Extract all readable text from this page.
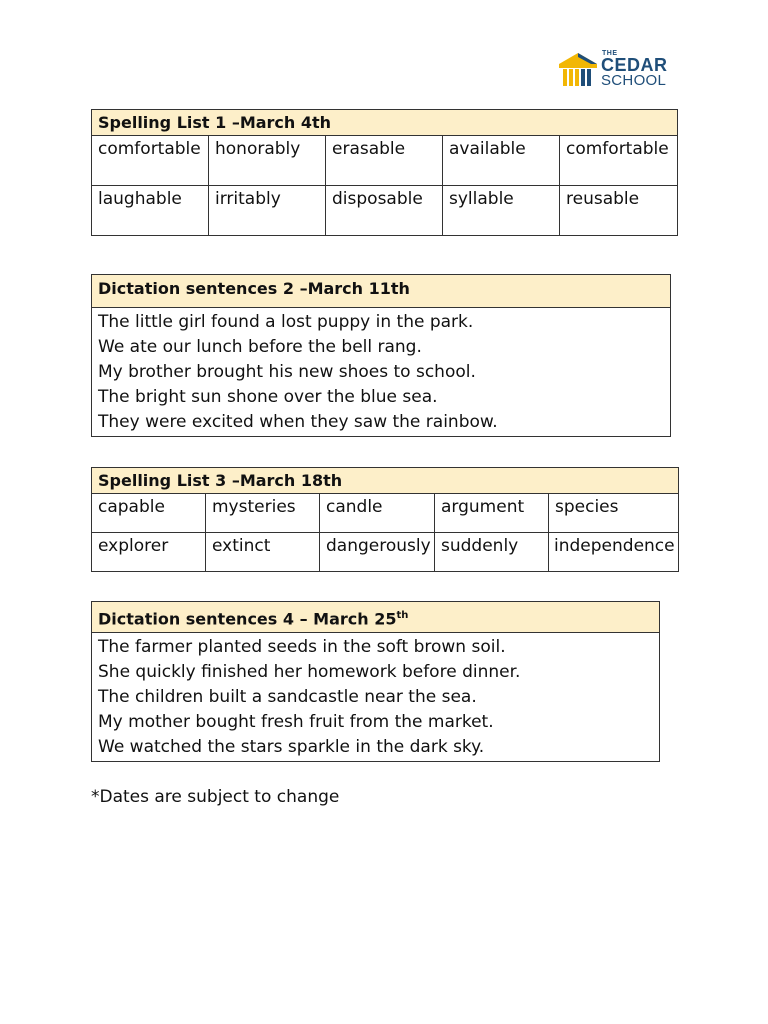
THE
CEDAR
SCHOOL
Spelling List 1 –March 4th				
comfortable	honorably	erasable	available	comfortable
laughable	irritably	disposable	syllable	reusable
Dictation sentences 2 –March 11th

The little girl found a lost puppy in the park.
We ate our lunch before the bell rang.
My brother brought his new shoes to school.
The bright sun shone over the blue sea.
They were excited when they saw the rainbow.
Spelling List 3 –March 18th				
capable	mysteries	candle	argument	species
explorer	extinct	dangerously	suddenly	independence
Dictation sentences 4 – March 25th

The farmer planted seeds in the soft brown soil.
She quickly finished her homework before dinner.
The children built a sandcastle near the sea.
My mother bought fresh fruit from the market.
We watched the stars sparkle in the dark sky.
*Dates are subject to change
